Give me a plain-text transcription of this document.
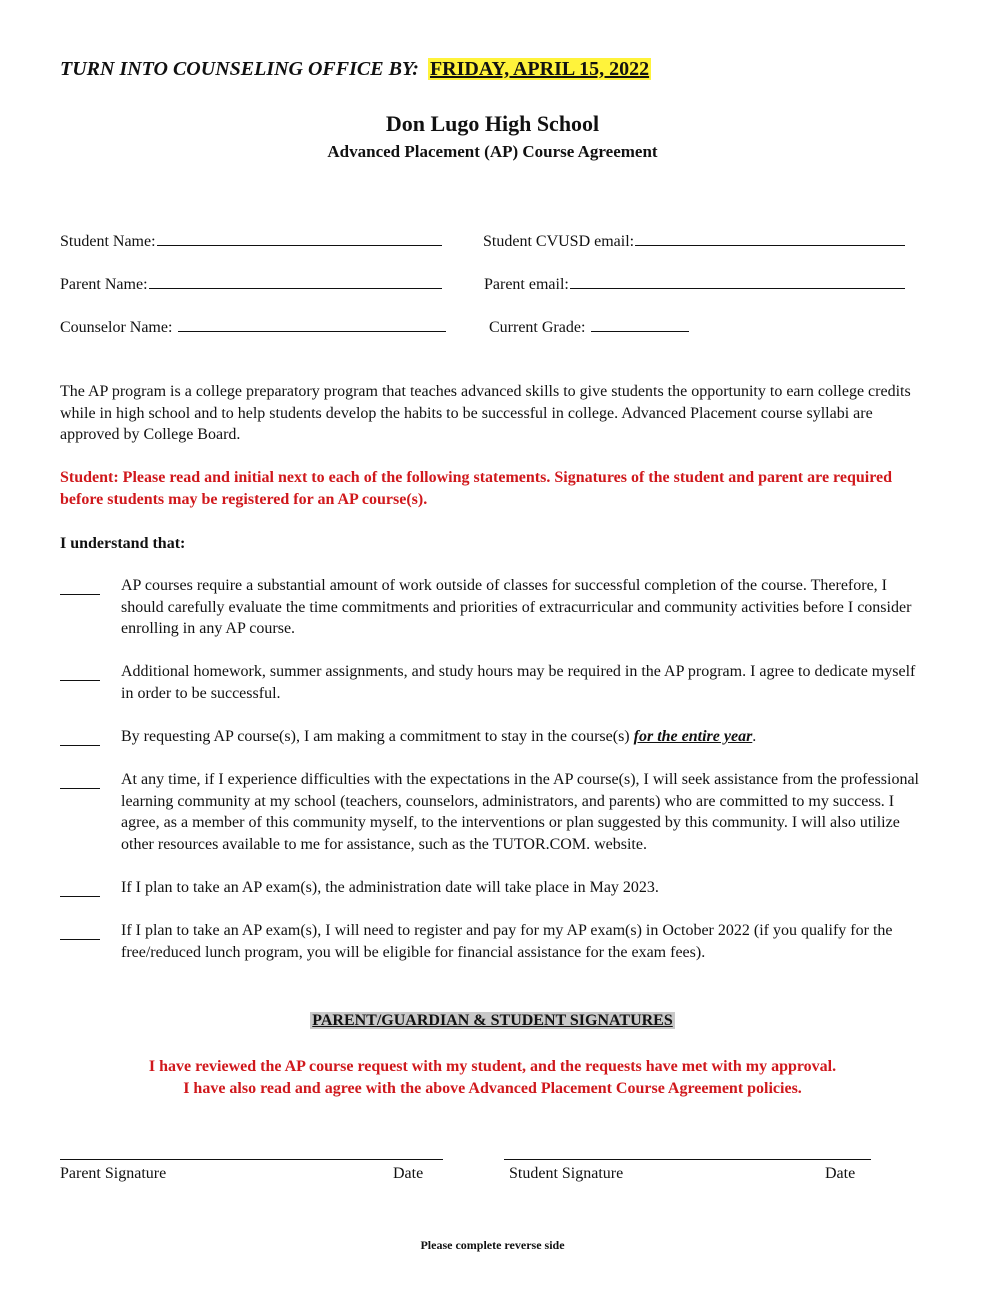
TURN INTO COUNSELING OFFICE BY: FRIDAY, APRIL 15, 2022
Don Lugo High School
Advanced Placement (AP) Course Agreement
Student Name:	Student CVUSD email:
Parent Name:	Parent email:
Counselor Name:	Current Grade:
The AP program is a college preparatory program that teaches advanced skills to give students the opportunity to earn college credits while in high school and to help students develop the habits to be successful in college. Advanced Placement course syllabi are approved by College Board.
Student: Please read and initial next to each of the following statements. Signatures of the student and parent are required before students may be registered for an AP course(s).
I understand that:
AP courses require a substantial amount of work outside of classes for successful completion of the course. Therefore, I should carefully evaluate the time commitments and priorities of extracurricular and community activities before I consider enrolling in any AP course.
Additional homework, summer assignments, and study hours may be required in the AP program. I agree to dedicate myself in order to be successful.
By requesting AP course(s), I am making a commitment to stay in the course(s) for the entire year.
At any time, if I experience difficulties with the expectations in the AP course(s), I will seek assistance from the professional learning community at my school (teachers, counselors, administrators, and parents) who are committed to my success. I agree, as a member of this community myself, to the interventions or plan suggested by this community. I will also utilize other resources available to me for assistance, such as the TUTOR.COM. website.
If I plan to take an AP exam(s), the administration date will take place in May 2023.
If I plan to take an AP exam(s), I will need to register and pay for my AP exam(s) in October 2022 (if you qualify for the free/reduced lunch program, you will be eligible for financial assistance for the exam fees).
PARENT/GUARDIAN & STUDENT SIGNATURES
I have reviewed the AP course request with my student, and the requests have met with my approval.
I have also read and agree with the above Advanced Placement Course Agreement policies.
Parent Signature	Date	Student Signature	Date
Please complete reverse side
